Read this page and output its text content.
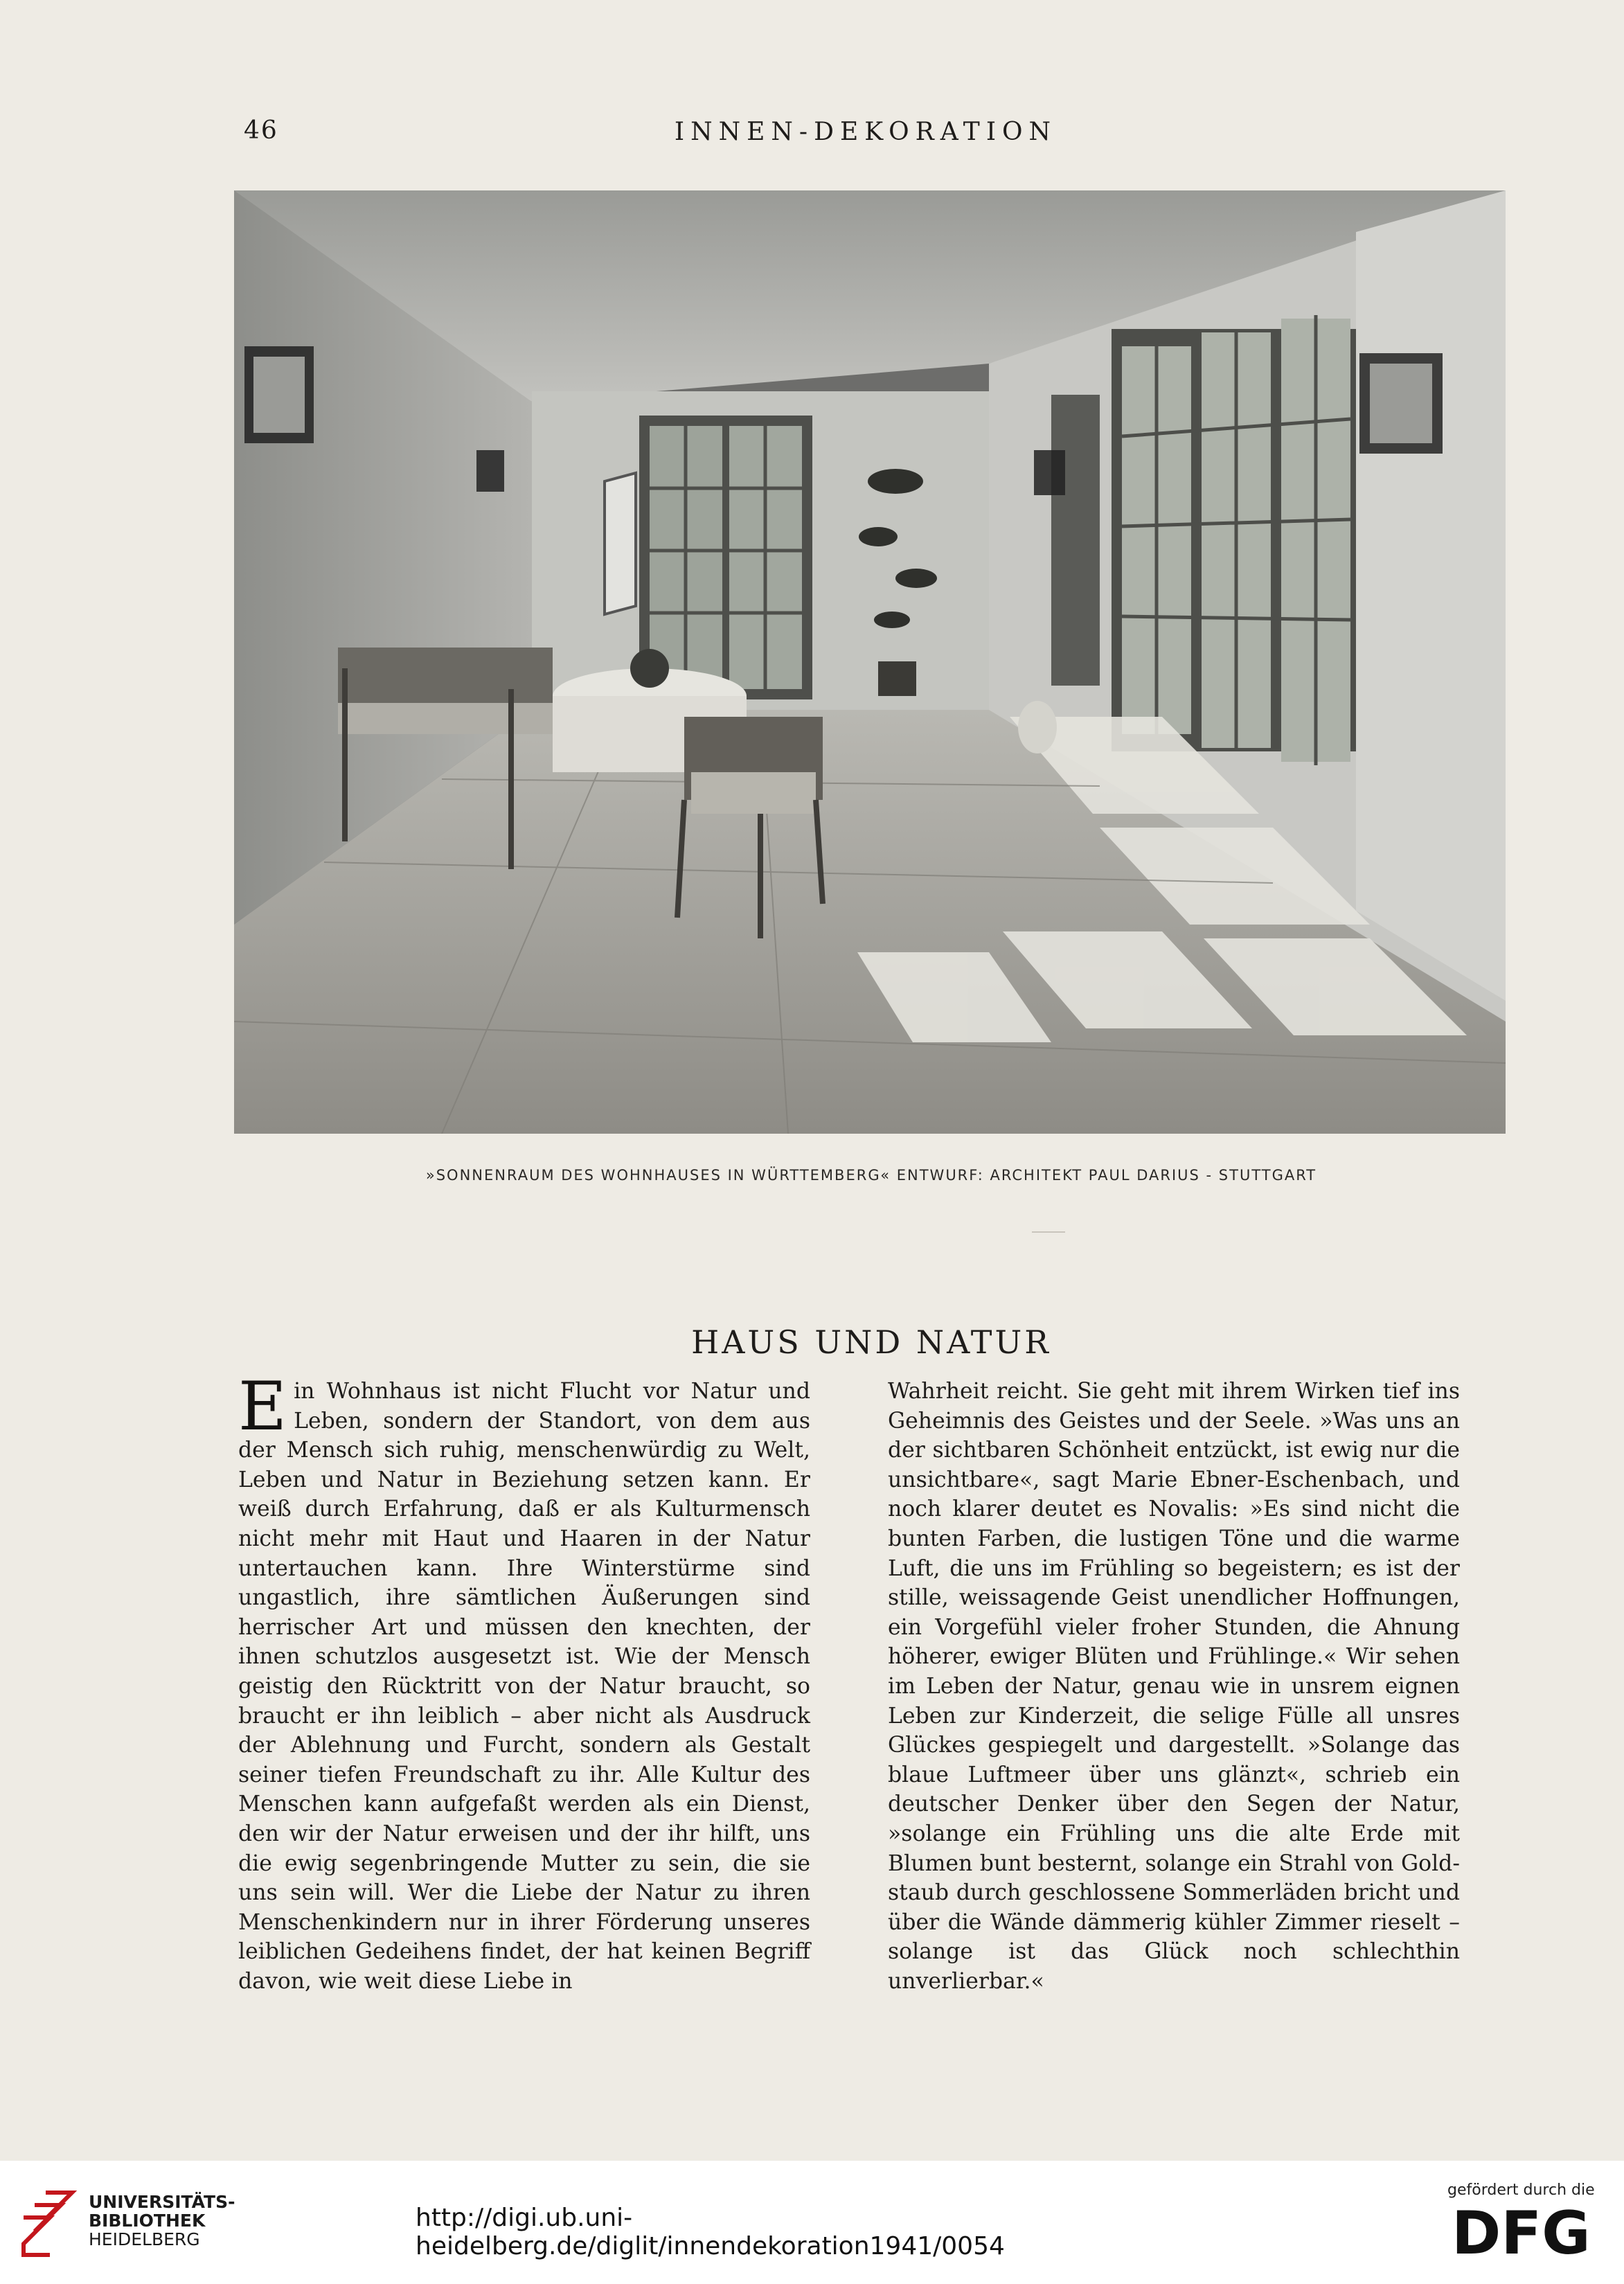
46	INNEN-DEKORATION
»SONNENRAUM DES WOHNHAUSES IN WÜRTTEMBERG« ENTWURF: ARCHITEKT PAUL DARIUS - STUTTGART
HAUS UND NATUR
Ein Wohnhaus ist nicht Flucht vor Natur und Leben, sondern der Standort, von dem aus der Mensch sich ruhig, menschenwürdig zu Welt, Leben und Natur in Beziehung setzen kann. Er weiß durch Erfahrung, daß er als Kulturmensch nicht mehr mit Haut und Haaren in der Natur untertauchen kann. Ihre Winterstürme sind ungastlich, ihre sämtlichen Äußerungen sind herrischer Art und müssen den knechten, der ihnen schutzlos ausgesetzt ist. Wie der Mensch geistig den Rücktritt von der Natur braucht, so braucht er ihn leiblich – aber nicht als Ausdruck der Ablehnung und Furcht, sondern als Gestalt seiner tiefen Freundschaft zu ihr. Alle Kultur des Menschen kann aufgefaßt werden als ein Dienst, den wir der Natur erweisen und der ihr hilft, uns die ewig segenbringende Mutter zu sein, die sie uns sein will. Wer die Liebe der Natur zu ihren Menschenkindern nur in ihrer Förderung unseres leiblichen Gedeihens findet, der hat keinen Begriff davon, wie weit diese Liebe in
Wahrheit reicht. Sie geht mit ihrem Wirken tief ins Geheimnis des Geistes und der Seele. »Was uns an der sichtbaren Schönheit entzückt, ist ewig nur die unsichtbare«, sagt Marie Ebner-Eschenbach, und noch klarer deutet es Novalis: »Es sind nicht die bunten Farben, die lustigen Töne und die warme Luft, die uns im Frühling so begeistern; es ist der stille, weissagende Geist unendlicher Hoffnungen, ein Vorgefühl vieler froher Stunden, die Ahnung höherer, ewiger Blüten und Frühlinge.« Wir sehen im Leben der Natur, genau wie in unsrem eignen Leben zur Kinderzeit, die selige Fülle all unsres Glückes gespiegelt und dargestellt. »Solange das blaue Luftmeer über uns glänzt«, schrieb ein deutscher Denker über den Segen der Natur, »solange ein Frühling uns die alte Erde mit Blumen bunt besternt, solange ein Strahl von Goldstaub durch geschlossene Sommerläden bricht und über die Wände dämmerig kühler Zimmer rieselt – solange ist das Glück noch schlechthin unverlierbar.«
UNIVERSITÄTS-
BIBLIOTHEK
HEIDELBERG
http://digi.ub.uni-heidelberg.de/diglit/innendekoration1941/0054
gefördert durch die
DFG
